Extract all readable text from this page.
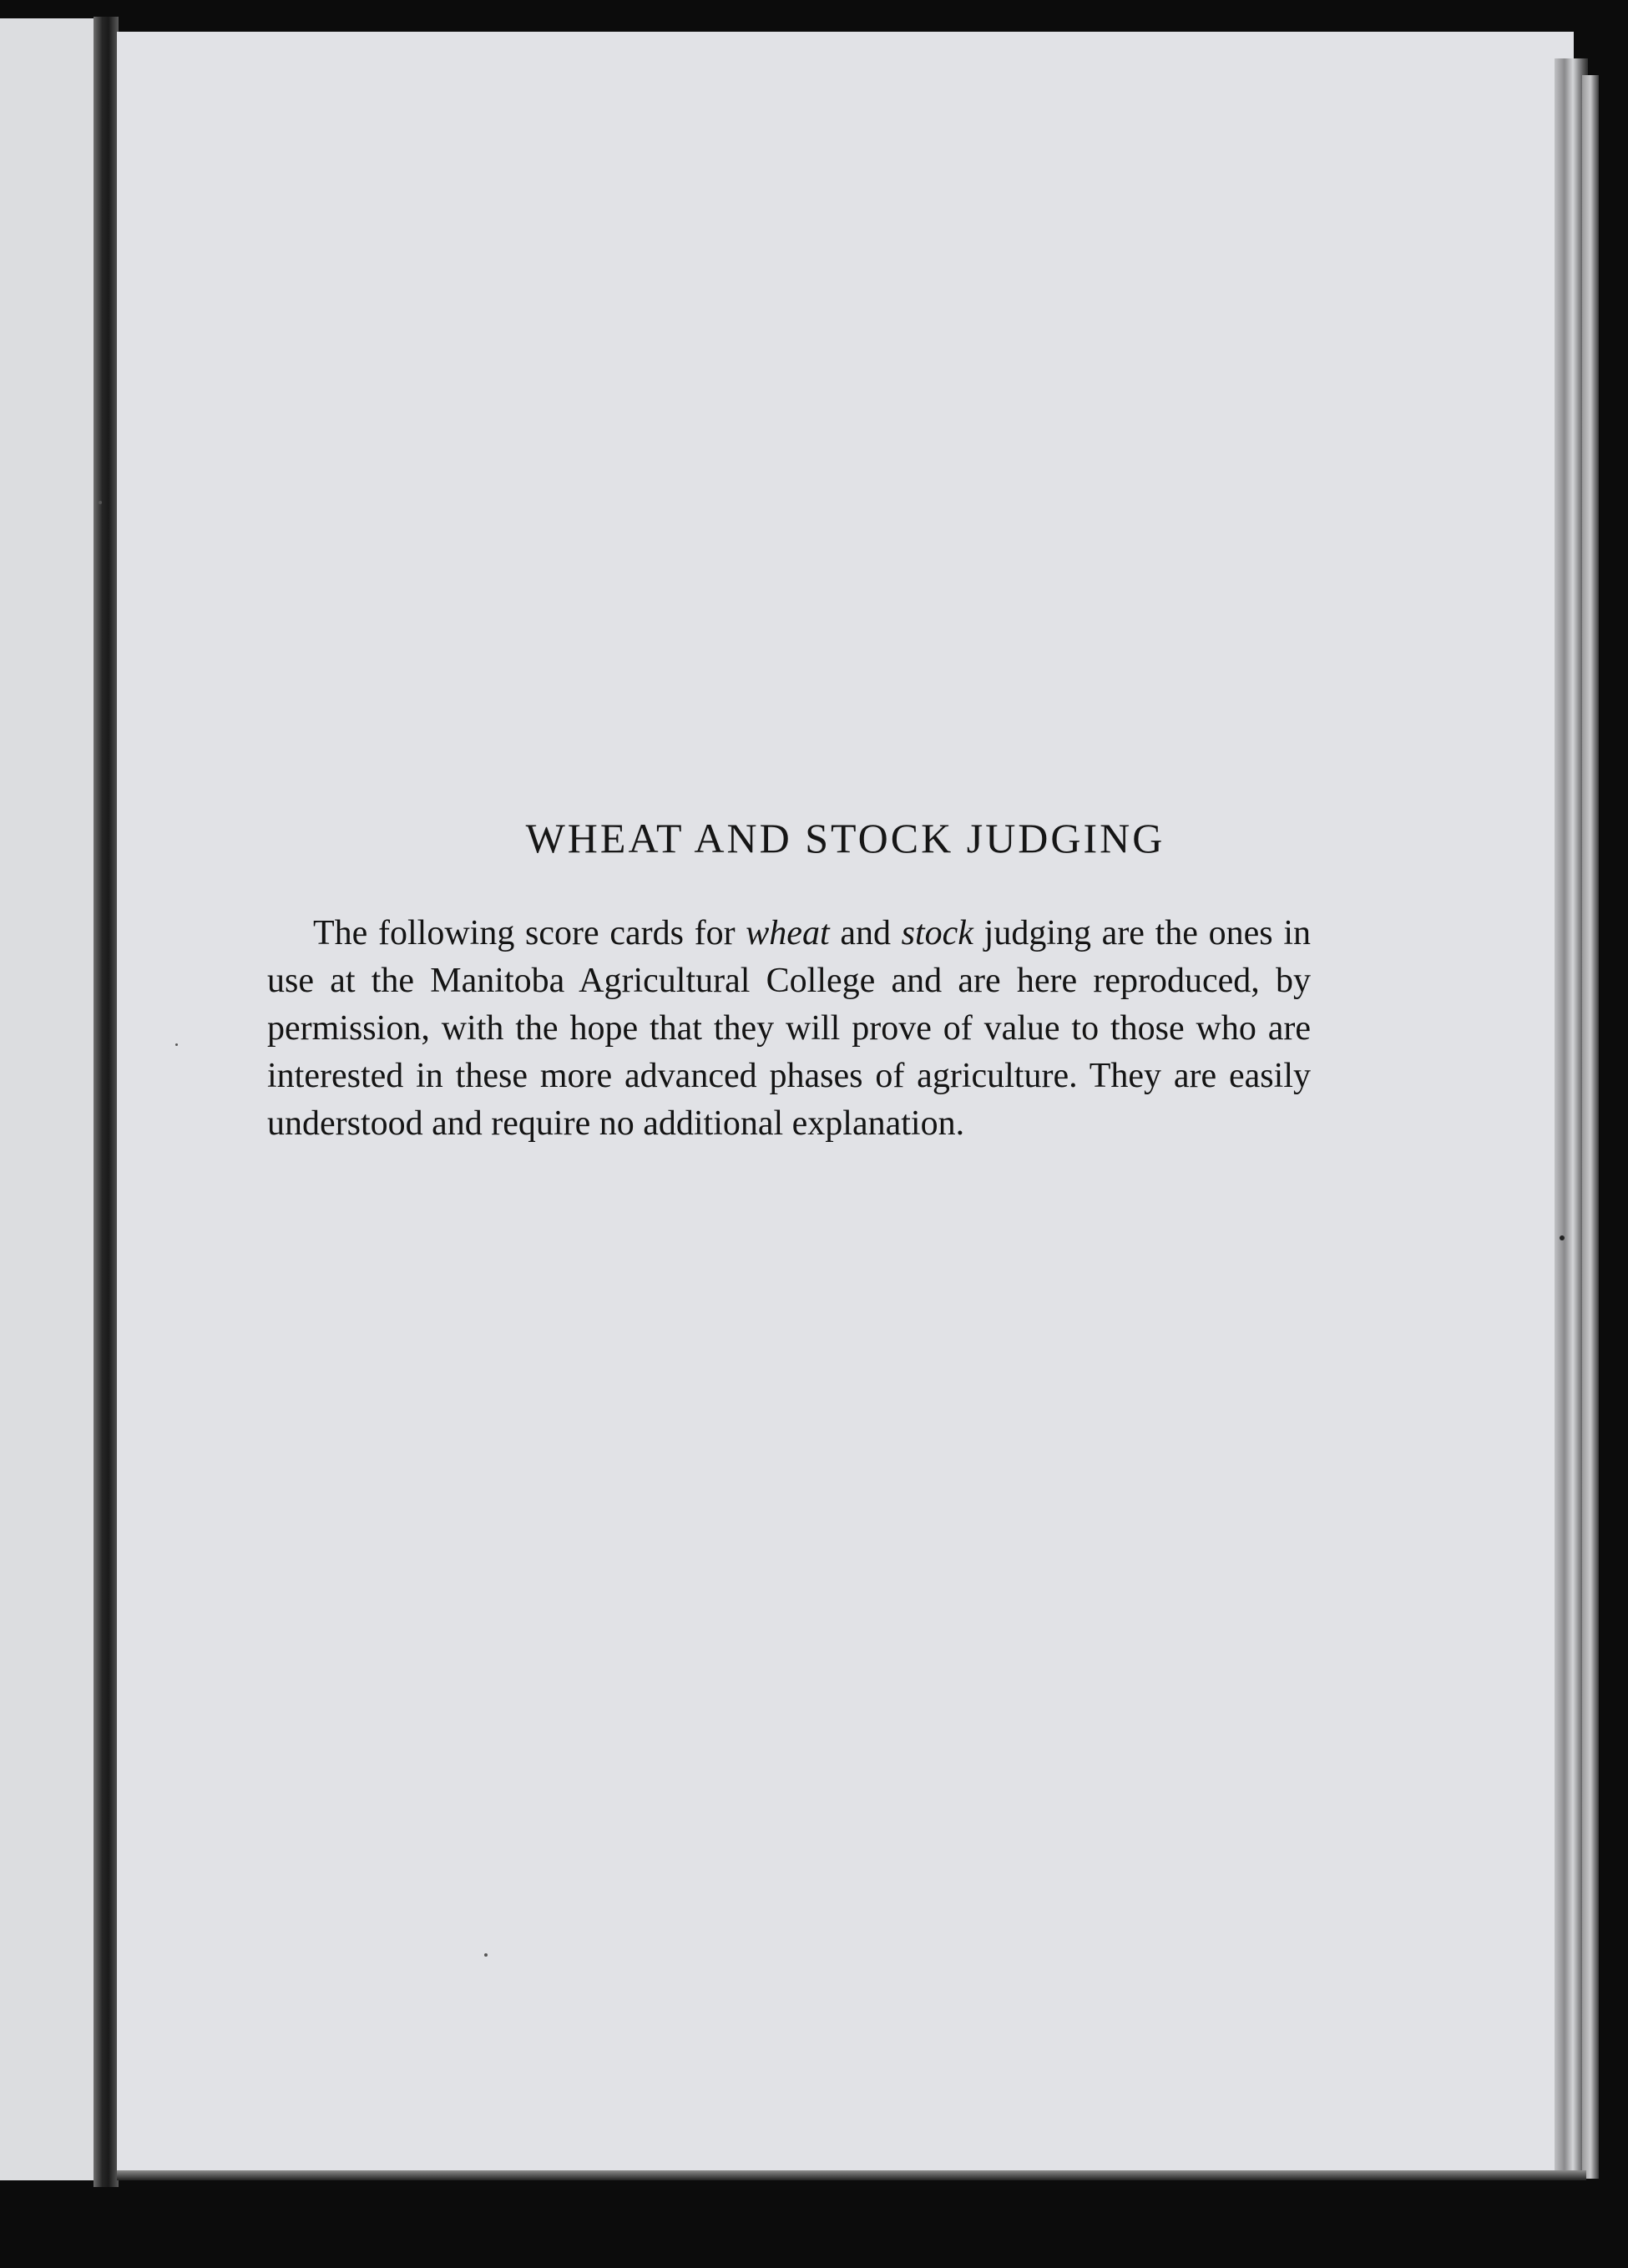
WHEAT AND STOCK JUDGING

The following score cards for wheat and stock judging are the ones in use at the Manitoba Agricultural College and are here reproduced, by permission, with the hope that they will prove of value to those who are interested in these more advanced phases of agriculture. They are easily understood and require no additional explanation.
